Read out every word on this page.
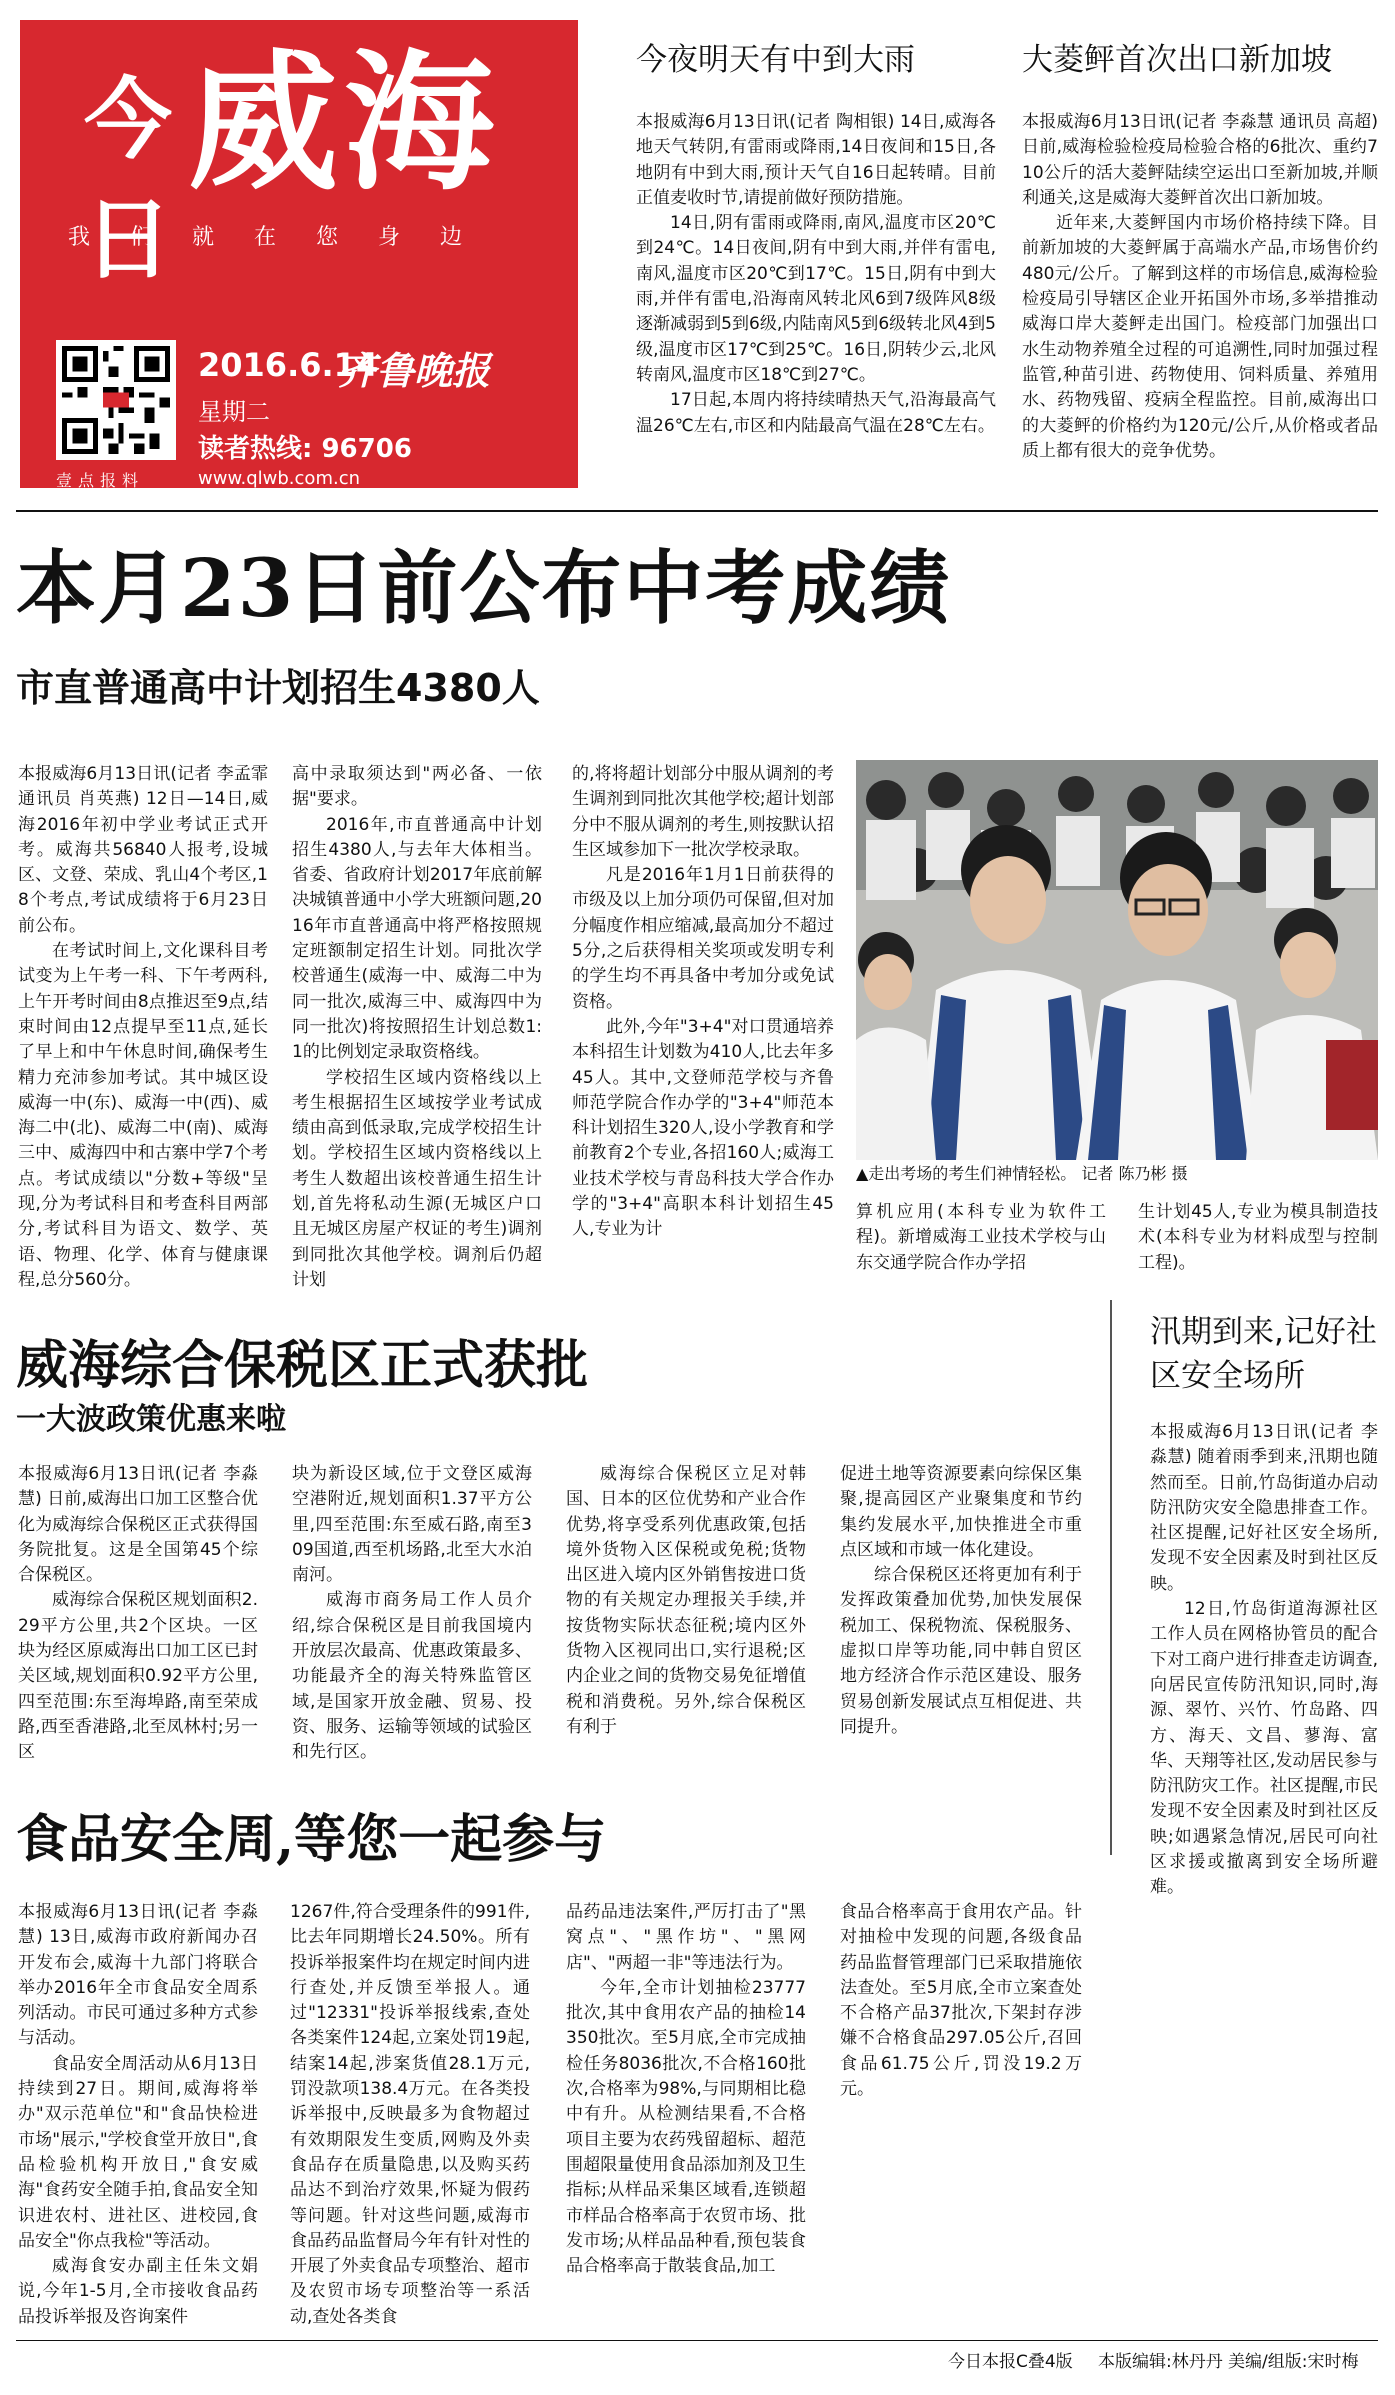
今日
威海
我们就在您身边
壹点报料
2016.6.14
星期二
齐鲁晚报
读者热线: 96706
www.qlwb.com.cn
今夜明天有中到大雨

本报威海6月13日讯(记者 陶相银) 14日,威海各地天气转阴,有雷雨或降雨,14日夜间和15日,各地阴有中到大雨,预计天气自16日起转晴。目前正值麦收时节,请提前做好预防措施。

14日,阴有雷雨或降雨,南风,温度市区20℃到24℃。14日夜间,阴有中到大雨,并伴有雷电,南风,温度市区20℃到17℃。15日,阴有中到大雨,并伴有雷电,沿海南风转北风6到7级阵风8级逐渐减弱到5到6级,内陆南风5到6级转北风4到5级,温度市区17℃到25℃。16日,阴转少云,北风转南风,温度市区18℃到27℃。

17日起,本周内将持续晴热天气,沿海最高气温26℃左右,市区和内陆最高气温在28℃左右。

大菱鲆首次出口新加坡

本报威海6月13日讯(记者 李淼慧 通讯员 高超) 日前,威海检验检疫局检验合格的6批次、重约710公斤的活大菱鲆陆续空运出口至新加坡,并顺利通关,这是威海大菱鲆首次出口新加坡。

近年来,大菱鲆国内市场价格持续下降。目前新加坡的大菱鲆属于高端水产品,市场售价约480元/公斤。了解到这样的市场信息,威海检验检疫局引导辖区企业开拓国外市场,多举措推动威海口岸大菱鲆走出国门。检疫部门加强出口水生动物养殖全过程的可追溯性,同时加强过程监管,种苗引进、药物使用、饲料质量、养殖用水、药物残留、疫病全程监控。目前,威海出口的大菱鲆的价格约为120元/公斤,从价格或者品质上都有很大的竞争优势。

本月23日前公布中考成绩
市直普通高中计划招生4380人

本报威海6月13日讯(记者 李孟霏 通讯员 肖英燕) 12日—14日,威海2016年初中学业考试正式开考。威海共56840人报考,设城区、文登、荣成、乳山4个考区,18个考点,考试成绩将于6月23日前公布。

在考试时间上,文化课科目考试变为上午考一科、下午考两科,上午开考时间由8点推迟至9点,结束时间由12点提早至11点,延长了早上和中午休息时间,确保考生精力充沛参加考试。其中城区设威海一中(东)、威海一中(西)、威海二中(北)、威海二中(南)、威海三中、威海四中和古寨中学7个考点。考试成绩以"分数+等级"呈现,分为考试科目和考查科目两部分,考试科目为语文、数学、英语、物理、化学、体育与健康课程,总分560分。

高中录取须达到"两必备、一依据"要求。

2016年,市直普通高中计划招生4380人,与去年大体相当。省委、省政府计划2017年底前解决城镇普通中小学大班额问题,2016年市直普通高中将严格按照规定班额制定招生计划。同批次学校普通生(威海一中、威海二中为同一批次,威海三中、威海四中为同一批次)将按照招生计划总数1:1的比例划定录取资格线。

学校招生区域内资格线以上考生根据招生区域按学业考试成绩由高到低录取,完成学校招生计划。学校招生区域内资格线以上考生人数超出该校普通生招生计划,首先将私动生源(无城区户口且无城区房屋产权证的考生)调剂到同批次其他学校。调剂后仍超计划

的,将将超计划部分中服从调剂的考生调剂到同批次其他学校;超计划部分中不服从调剂的考生,则按默认招生区域参加下一批次学校录取。

凡是2016年1月1日前获得的市级及以上加分项仍可保留,但对加分幅度作相应缩减,最高加分不超过5分,之后获得相关奖项或发明专利的学生均不再具备中考加分或免试资格。

此外,今年"3+4"对口贯通培养本科招生计划数为410人,比去年多45人。其中,文登师范学校与齐鲁师范学院合作办学的"3+4"师范本科计划招生320人,设小学教育和学前教育2个专业,各招160人;威海工业技术学校与青岛科技大学合作办学的"3+4"高职本科计划招生45人,专业为计

▲走出考场的考生们神情轻松。 记者 陈乃彬 摄

算机应用(本科专业为软件工程)。新增威海工业技术学校与山东交通学院合作办学招

生计划45人,专业为模具制造技术(本科专业为材料成型与控制工程)。

威海综合保税区正式获批
一大波政策优惠来啦

本报威海6月13日讯(记者 李淼慧) 日前,威海出口加工区整合优化为威海综合保税区正式获得国务院批复。这是全国第45个综合保税区。

威海综合保税区规划面积2.29平方公里,共2个区块。一区块为经区原威海出口加工区已封关区域,规划面积0.92平方公里,四至范围:东至海埠路,南至荣成路,西至香港路,北至凤林村;另一区

块为新设区域,位于文登区威海空港附近,规划面积1.37平方公里,四至范围:东至威石路,南至309国道,西至机场路,北至大水泊南河。

威海市商务局工作人员介绍,综合保税区是目前我国境内开放层次最高、优惠政策最多、功能最齐全的海关特殊监管区域,是国家开放金融、贸易、投资、服务、运输等领域的试验区和先行区。

威海综合保税区立足对韩国、日本的区位优势和产业合作优势,将享受系列优惠政策,包括境外货物入区保税或免税;货物出区进入境内区外销售按进口货物的有关规定办理报关手续,并按货物实际状态征税;境内区外货物入区视同出口,实行退税;区内企业之间的货物交易免征增值税和消费税。另外,综合保税区有利于

促进土地等资源要素向综保区集聚,提高园区产业聚集度和节约集约发展水平,加快推进全市重点区域和市域一体化建设。

综合保税区还将更加有利于发挥政策叠加优势,加快发展保税加工、保税物流、保税服务、虚拟口岸等功能,同中韩自贸区地方经济合作示范区建设、服务贸易创新发展试点互相促进、共同提升。

汛期到来,记好社区安全场所

本报威海6月13日讯(记者 李淼慧) 随着雨季到来,汛期也随然而至。日前,竹岛街道办启动防汛防灾安全隐患排查工作。社区提醒,记好社区安全场所,发现不安全因素及时到社区反映。

12日,竹岛街道海源社区工作人员在网格协管员的配合下对工商户进行排查走访调查,向居民宣传防汛知识,同时,海源、翠竹、兴竹、竹岛路、四方、海天、文昌、蓼海、富华、天翔等社区,发动居民参与防汛防灾工作。社区提醒,市民发现不安全因素及时到社区反映;如遇紧急情况,居民可向社区求援或撤离到安全场所避难。

食品安全周,等您一起参与

本报威海6月13日讯(记者 李淼慧) 13日,威海市政府新闻办召开发布会,威海十九部门将联合举办2016年全市食品安全周系列活动。市民可通过多种方式参与活动。

食品安全周活动从6月13日持续到27日。期间,威海将举办"双示范单位"和"食品快检进市场"展示,"学校食堂开放日",食品检验机构开放日,"食安威海"食药安全随手拍,食品安全知识进农村、进社区、进校园,食品安全"你点我检"等活动。

威海食安办副主任朱文娟说,今年1-5月,全市接收食品药品投诉举报及咨询案件

1267件,符合受理条件的991件,比去年同期增长24.50%。所有投诉举报案件均在规定时间内进行查处,并反馈至举报人。通过"12331"投诉举报线索,查处各类案件124起,立案处罚19起,结案14起,涉案货值28.1万元,罚没款项138.4万元。在各类投诉举报中,反映最多为食物超过有效期限发生变质,网购及外卖食品存在质量隐患,以及购买药品达不到治疗效果,怀疑为假药等问题。针对这些问题,威海市食品药品监督局今年有针对性的开展了外卖食品专项整治、超市及农贸市场专项整治等一系活动,查处各类食

品药品违法案件,严厉打击了"黑窝点"、"黑作坊"、"黑网店"、"两超一非"等违法行为。

今年,全市计划抽检23777批次,其中食用农产品的抽检14350批次。至5月底,全市完成抽检任务8036批次,不合格160批次,合格率为98%,与同期相比稳中有升。从检测结果看,不合格项目主要为农药残留超标、超范围超限量使用食品添加剂及卫生指标;从样品采集区域看,连锁超市样品合格率高于农贸市场、批发市场;从样品品种看,预包装食品合格率高于散装食品,加工

食品合格率高于食用农产品。针对抽检中发现的问题,各级食品药品监督管理部门已采取措施依法查处。至5月底,全市立案查处不合格产品37批次,下架封存涉嫌不合格食品297.05公斤,召回食品61.75公斤,罚没19.2万元。

今日本报C叠4版 本版编辑:林丹丹 美编/组版:宋时梅
